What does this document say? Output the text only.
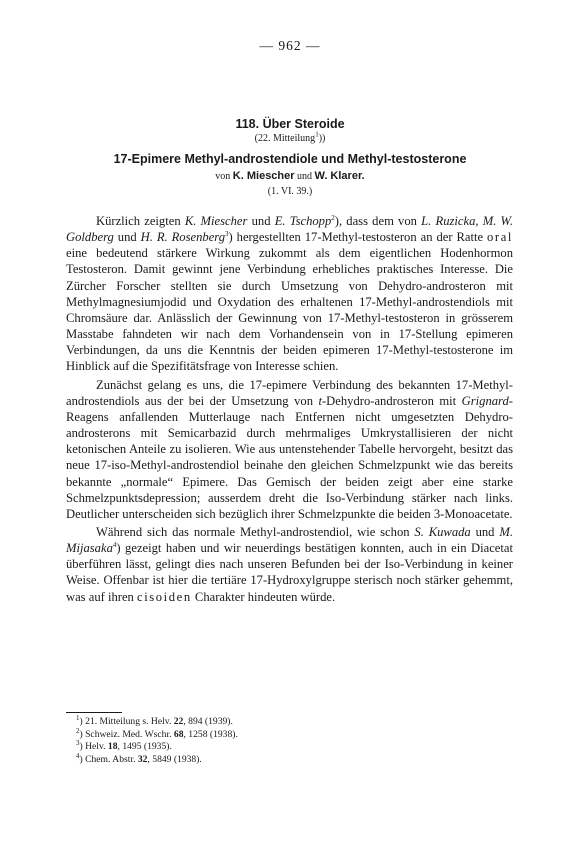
— 962 —
118. Über Steroide
(22. Mitteilung$^1$))
17-Epimere Methyl-androstendiole und Methyl-testosterone
von K. Miescher und W. Klarer.
(1. VI. 39.)

Kürzlich zeigten K. Miescher und E. Tschopp$^2$), dass dem von L. Ruzicka, M. W. Goldberg und H. R. Rosenberg$^3$) hergestellten 17-Methyl-testosteron an der Ratte oral eine bedeutend stärkere Wirkung zukommt als dem eigentlichen Hodenhormon Testosteron. Damit gewinnt jene Verbindung erhebliches praktisches Interesse. Die Zürcher Forscher stellten sie durch Umsetzung von Dehydro-androsteron mit Methylmagnesiumjodid und Oxydation des erhaltenen 17-Methyl-androstendiols mit Chromsäure dar. Anlässlich der Gewinnung von 17-Methyl-testosteron in grösserem Masstabe fahndeten wir nach dem Vorhandensein von in 17-Stellung epimeren Verbindungen, da uns die Kenntnis der beiden epimeren 17-Methyl-testosterone im Hinblick auf die Spezifitätsfrage von Interesse schien.

Zunächst gelang es uns, die 17-epimere Verbindung des bekannten 17-Methyl-androstendiols aus der bei der Umsetzung von t-Dehydro-androsteron mit Grignard-Reagens anfallenden Mutterlauge nach Entfernen nicht umgesetzten Dehydro-androsterons mit Semicarbazid durch mehrmaliges Umkrystallisieren der nicht ketonischen Anteile zu isolieren. Wie aus untenstehender Tabelle hervorgeht, besitzt das neue 17-iso-Methyl-androstendiol beinahe den gleichen Schmelzpunkt wie das bereits bekannte „normale“ Epimere. Das Gemisch der beiden zeigt aber eine starke Schmelzpunktsdepression; ausserdem dreht die Iso-Verbindung stärker nach links. Deutlicher unterscheiden sich bezüglich ihrer Schmelzpunkte die beiden 3-Monoacetate.

Während sich das normale Methyl-androstendiol, wie schon S. Kuwada und M. Mijasaka$^4$) gezeigt haben und wir neuerdings bestätigen konnten, auch in ein Diacetat überführen lässt, gelingt dies nach unseren Befunden bei der Iso-Verbindung in keiner Weise. Offenbar ist hier die tertiäre 17-Hydroxylgruppe sterisch noch stärker gehemmt, was auf ihren cisoiden Charakter hindeuten würde.

$^1$) 21. Mitteilung s. Helv. 22, 894 (1939).
$^2$) Schweiz. Med. Wschr. 68, 1258 (1938).
$^3$) Helv. 18, 1495 (1935).
$^4$) Chem. Abstr. 32, 5849 (1938).
